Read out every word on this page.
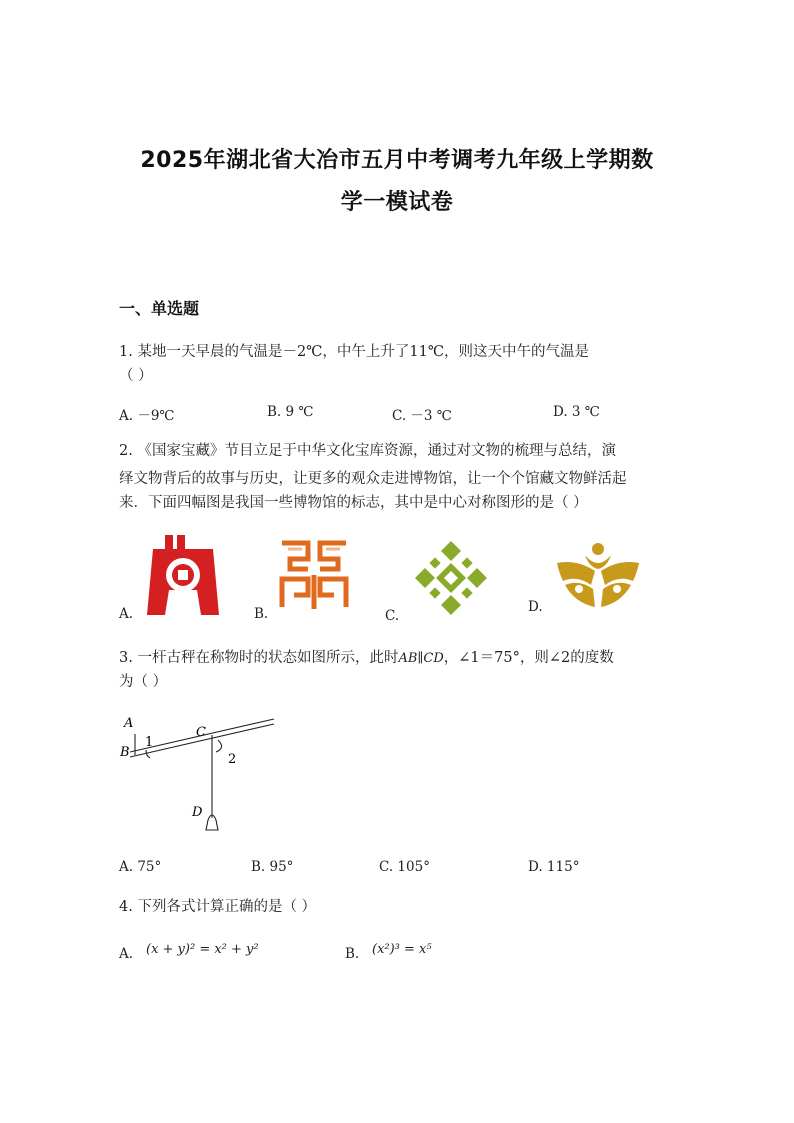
2025年湖北省大冶市五月中考调考九年级上学期数
学一模试卷
一、单选题
1. 某地一天早晨的气温是－2℃，中午上升了11℃，则这天中午的气温是
（ ）
A. －9℃	B. 9 ℃	C. －3 ℃	D. 3 ℃
2. 《国家宝藏》节目立足于中华文化宝库资源，通过对文物的梳理与总结，演
绎文物背后的故事与历史，让更多的观众走进博物馆，让一个个馆藏文物鲜活起
来．下面四幅图是我国一些博物馆的标志，其中是中心对称图形的是（ ）
A.	B.	C.
D.
3. 一杆古秤在称物时的状态如图所示，此时AB∥CD，∠1＝75°，则∠2的度数
为（ ）
A
B
C
D
1
2
A. 75°	B. 95°	C. 105°	D. 115°
4. 下列各式计算正确的是（ ）
A. (x + y)² = x² + y²	B. (x²)³ = x⁵
